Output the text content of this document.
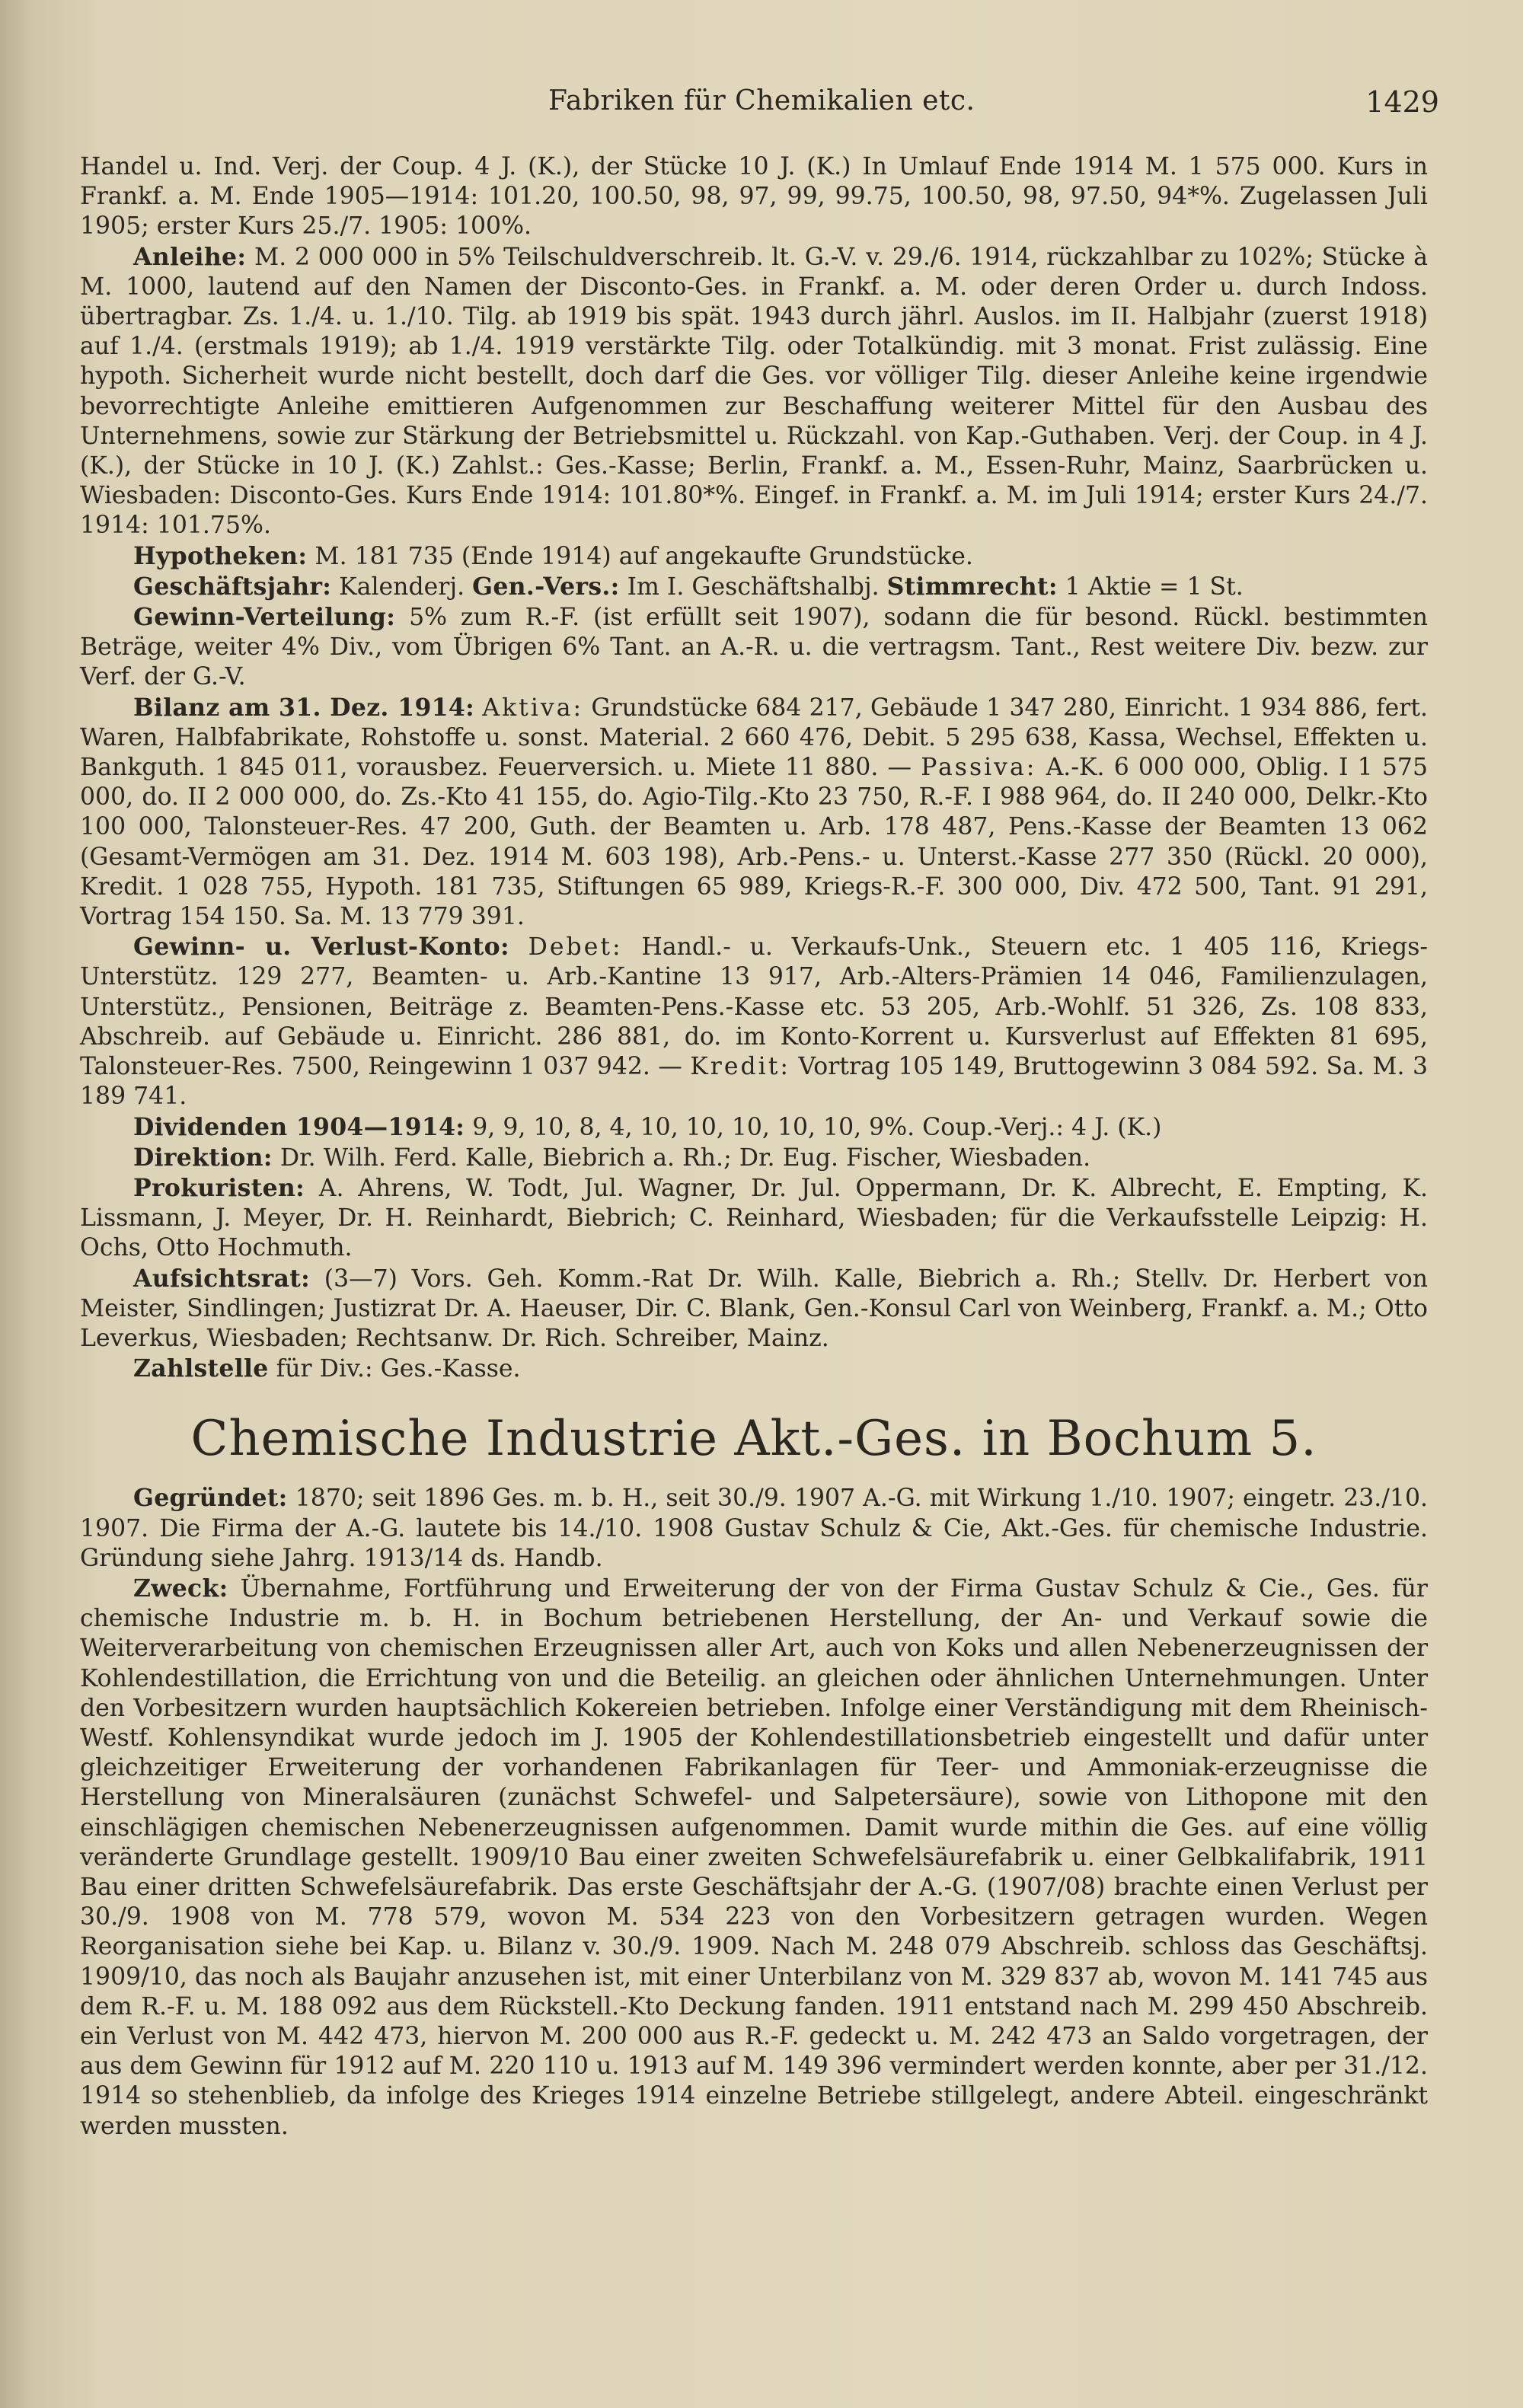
Fabriken für Chemikalien etc.	1429

Handel u. Ind. Verj. der Coup. 4 J. (K.), der Stücke 10 J. (K.) In Umlauf Ende 1914 M. 1 575 000. Kurs in Frankf. a. M. Ende 1905—1914: 101.20, 100.50, 98, 97, 99, 99.75, 100.50, 98, 97.50, 94*%. Zugelassen Juli 1905; erster Kurs 25./7. 1905: 100%.

Anleihe: M. 2 000 000 in 5% Teilschuldverschreib. lt. G.-V. v. 29./6. 1914, rückzahlbar zu 102%; Stücke à M. 1000, lautend auf den Namen der Disconto-Ges. in Frankf. a. M. oder deren Order u. durch Indoss. übertragbar. Zs. 1./4. u. 1./10. Tilg. ab 1919 bis spät. 1943 durch jährl. Auslos. im II. Halbjahr (zuerst 1918) auf 1./4. (erstmals 1919); ab 1./4. 1919 verstärkte Tilg. oder Totalkündig. mit 3 monat. Frist zulässig. Eine hypoth. Sicherheit wurde nicht bestellt, doch darf die Ges. vor völliger Tilg. dieser Anleihe keine irgendwie bevorrechtigte Anleihe emittieren Aufgenommen zur Beschaffung weiterer Mittel für den Ausbau des Unternehmens, sowie zur Stärkung der Betriebsmittel u. Rückzahl. von Kap.-Guthaben. Verj. der Coup. in 4 J. (K.), der Stücke in 10 J. (K.) Zahlst.: Ges.-Kasse; Berlin, Frankf. a. M., Essen-Ruhr, Mainz, Saarbrücken u. Wiesbaden: Disconto-Ges. Kurs Ende 1914: 101.80*%. Eingef. in Frankf. a. M. im Juli 1914; erster Kurs 24./7. 1914: 101.75%.

Hypotheken: M. 181 735 (Ende 1914) auf angekaufte Grundstücke.

Geschäftsjahr: Kalenderj. Gen.-Vers.: Im I. Geschäftshalbj. Stimmrecht: 1 Aktie = 1 St.

Gewinn-Verteilung: 5% zum R.-F. (ist erfüllt seit 1907), sodann die für besond. Rückl. bestimmten Beträge, weiter 4% Div., vom Übrigen 6% Tant. an A.-R. u. die vertragsm. Tant., Rest weitere Div. bezw. zur Verf. der G.-V.

Bilanz am 31. Dez. 1914: Aktiva: Grundstücke 684 217, Gebäude 1 347 280, Einricht. 1 934 886, fert. Waren, Halbfabrikate, Rohstoffe u. sonst. Material. 2 660 476, Debit. 5 295 638, Kassa, Wechsel, Effekten u. Bankguth. 1 845 011, vorausbez. Feuerversich. u. Miete 11 880. — Passiva: A.-K. 6 000 000, Oblig. I 1 575 000, do. II 2 000 000, do. Zs.-Kto 41 155, do. Agio-Tilg.-Kto 23 750, R.-F. I 988 964, do. II 240 000, Delkr.-Kto 100 000, Talonsteuer-Res. 47 200, Guth. der Beamten u. Arb. 178 487, Pens.-Kasse der Beamten 13 062 (Gesamt-Vermögen am 31. Dez. 1914 M. 603 198), Arb.-Pens.- u. Unterst.-Kasse 277 350 (Rückl. 20 000), Kredit. 1 028 755, Hypoth. 181 735, Stiftungen 65 989, Kriegs-R.-F. 300 000, Div. 472 500, Tant. 91 291, Vortrag 154 150. Sa. M. 13 779 391.

Gewinn- u. Verlust-Konto: Debet: Handl.- u. Verkaufs-Unk., Steuern etc. 1 405 116, Kriegs-Unterstütz. 129 277, Beamten- u. Arb.-Kantine 13 917, Arb.-Alters-Prämien 14 046, Familienzulagen, Unterstütz., Pensionen, Beiträge z. Beamten-Pens.-Kasse etc. 53 205, Arb.-Wohlf. 51 326, Zs. 108 833, Abschreib. auf Gebäude u. Einricht. 286 881, do. im Konto-Korrent u. Kursverlust auf Effekten 81 695, Talonsteuer-Res. 7500, Reingewinn 1 037 942. — Kredit: Vortrag 105 149, Bruttogewinn 3 084 592. Sa. M. 3 189 741.

Dividenden 1904—1914: 9, 9, 10, 8, 4, 10, 10, 10, 10, 10, 9%. Coup.-Verj.: 4 J. (K.)

Direktion: Dr. Wilh. Ferd. Kalle, Biebrich a. Rh.; Dr. Eug. Fischer, Wiesbaden.

Prokuristen: A. Ahrens, W. Todt, Jul. Wagner, Dr. Jul. Oppermann, Dr. K. Albrecht, E. Empting, K. Lissmann, J. Meyer, Dr. H. Reinhardt, Biebrich; C. Reinhard, Wiesbaden; für die Verkaufsstelle Leipzig: H. Ochs, Otto Hochmuth.

Aufsichtsrat: (3—7) Vors. Geh. Komm.-Rat Dr. Wilh. Kalle, Biebrich a. Rh.; Stellv. Dr. Herbert von Meister, Sindlingen; Justizrat Dr. A. Haeuser, Dir. C. Blank, Gen.-Konsul Carl von Weinberg, Frankf. a. M.; Otto Leverkus, Wiesbaden; Rechtsanw. Dr. Rich. Schreiber, Mainz.

Zahlstelle für Div.: Ges.-Kasse.

Chemische Industrie Akt.-Ges. in Bochum 5.

Gegründet: 1870; seit 1896 Ges. m. b. H., seit 30./9. 1907 A.-G. mit Wirkung 1./10. 1907; eingetr. 23./10. 1907. Die Firma der A.-G. lautete bis 14./10. 1908 Gustav Schulz & Cie, Akt.-Ges. für chemische Industrie. Gründung siehe Jahrg. 1913/14 ds. Handb.

Zweck: Übernahme, Fortführung und Erweiterung der von der Firma Gustav Schulz & Cie., Ges. für chemische Industrie m. b. H. in Bochum betriebenen Herstellung, der An- und Verkauf sowie die Weiterverarbeitung von chemischen Erzeugnissen aller Art, auch von Koks und allen Nebenerzeugnissen der Kohlendestillation, die Errichtung von und die Beteilig. an gleichen oder ähnlichen Unternehmungen. Unter den Vorbesitzern wurden hauptsächlich Kokereien betrieben. Infolge einer Verständigung mit dem Rheinisch-Westf. Kohlensyndikat wurde jedoch im J. 1905 der Kohlendestillationsbetrieb eingestellt und dafür unter gleichzeitiger Erweiterung der vorhandenen Fabrikanlagen für Teer- und Ammoniak-erzeugnisse die Herstellung von Mineralsäuren (zunächst Schwefel- und Salpetersäure), sowie von Lithopone mit den einschlägigen chemischen Nebenerzeugnissen aufgenommen. Damit wurde mithin die Ges. auf eine völlig veränderte Grundlage gestellt. 1909/10 Bau einer zweiten Schwefelsäurefabrik u. einer Gelbkalifabrik, 1911 Bau einer dritten Schwefelsäurefabrik. Das erste Geschäftsjahr der A.-G. (1907/08) brachte einen Verlust per 30./9. 1908 von M. 778 579, wovon M. 534 223 von den Vorbesitzern getragen wurden. Wegen Reorganisation siehe bei Kap. u. Bilanz v. 30./9. 1909. Nach M. 248 079 Abschreib. schloss das Geschäftsj. 1909/10, das noch als Baujahr anzusehen ist, mit einer Unterbilanz von M. 329 837 ab, wovon M. 141 745 aus dem R.-F. u. M. 188 092 aus dem Rückstell.-Kto Deckung fanden. 1911 entstand nach M. 299 450 Abschreib. ein Verlust von M. 442 473, hiervon M. 200 000 aus R.-F. gedeckt u. M. 242 473 an Saldo vorgetragen, der aus dem Gewinn für 1912 auf M. 220 110 u. 1913 auf M. 149 396 vermindert werden konnte, aber per 31./12. 1914 so stehenblieb, da infolge des Krieges 1914 einzelne Betriebe stillgelegt, andere Abteil. eingeschränkt werden mussten.
